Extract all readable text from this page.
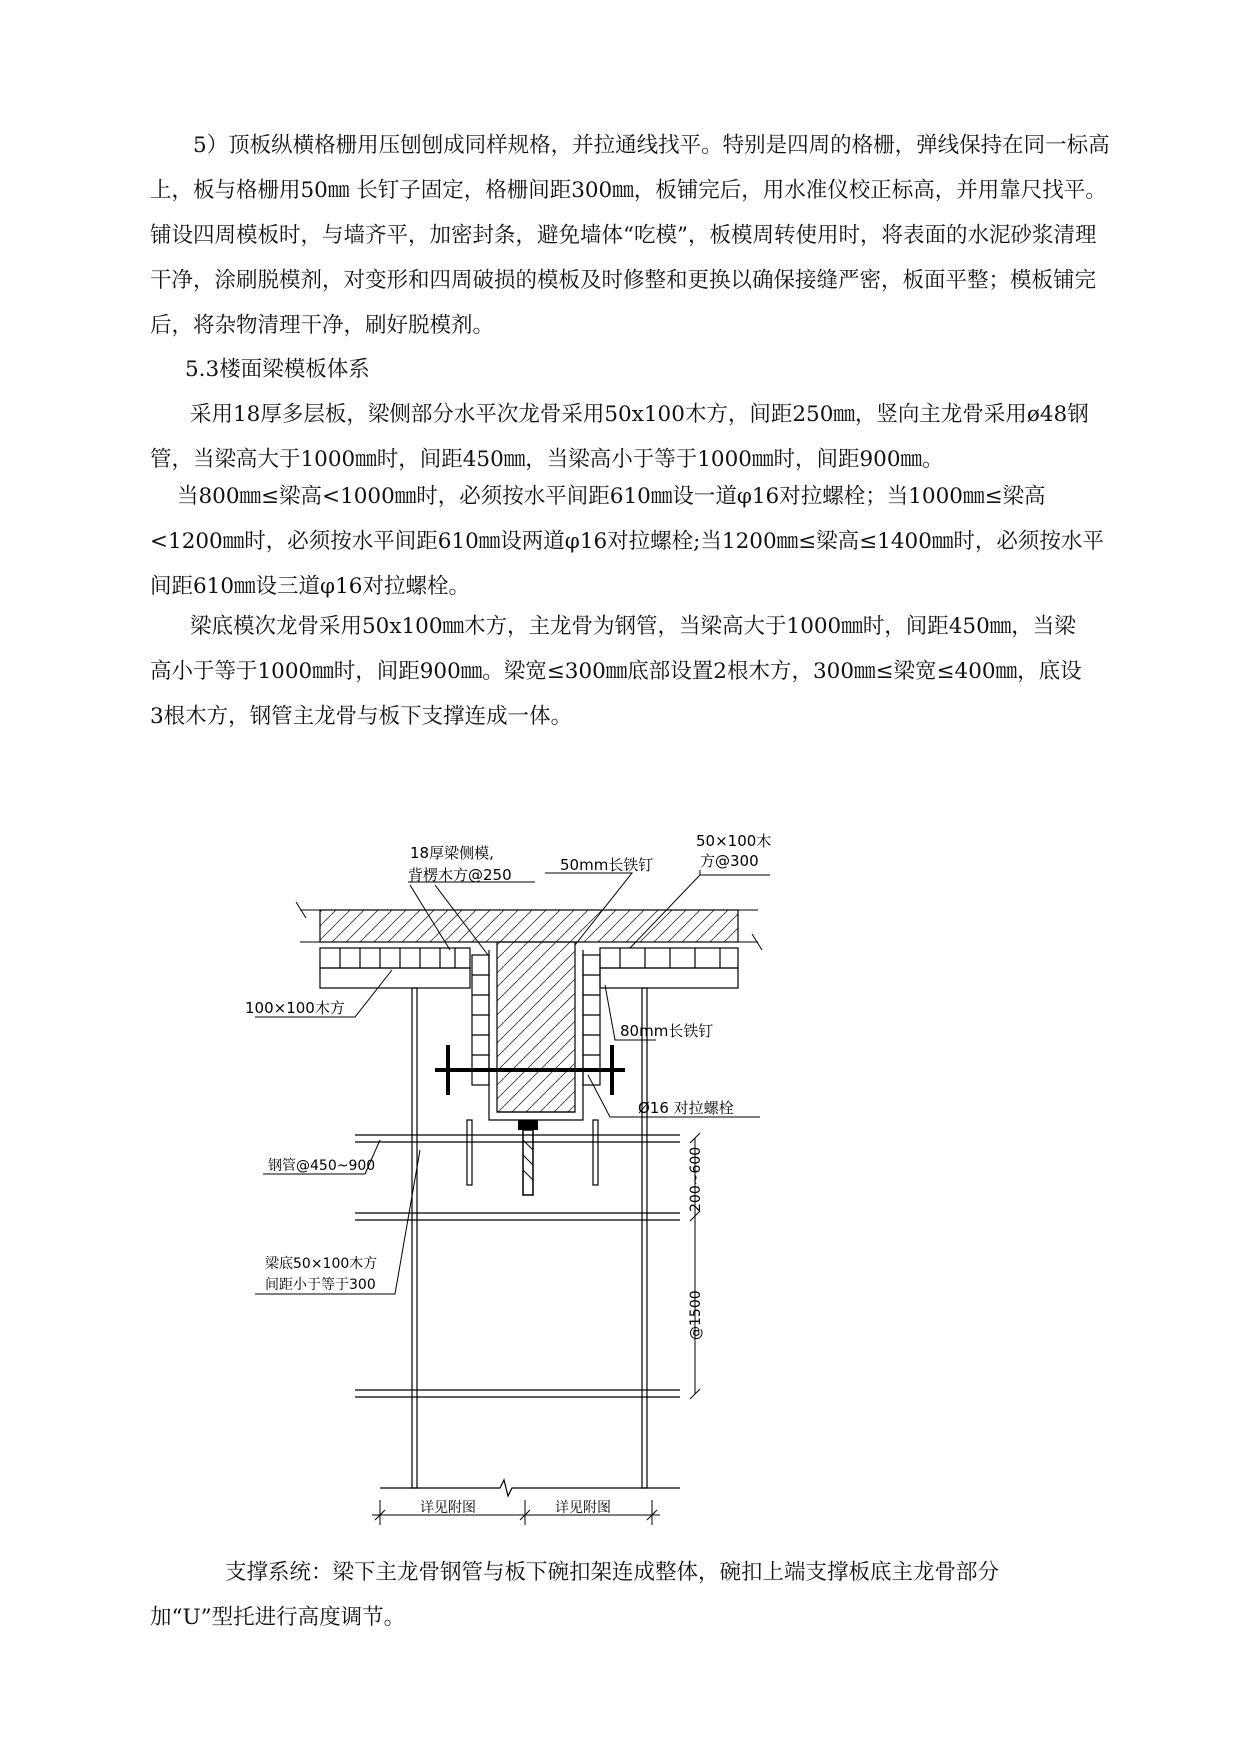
5）顶板纵横格栅用压刨刨成同样规格，并拉通线找平。特别是四周的格栅，弹线保持在同一标高上，板与格栅用50㎜ 长钉子固定，格栅间距300㎜，板铺完后，用水准仪校正标高，并用靠尺找平。铺设四周模板时，与墙齐平，加密封条，避免墙体“吃模”，板模周转使用时，将表面的水泥砂浆清理干净，涂刷脱模剂，对变形和四周破损的模板及时修整和更换以确保接缝严密，板面平整；模板铺完后，将杂物清理干净，刷好脱模剂。

5.3楼面梁模板体系

采用18厚多层板，梁侧部分水平次龙骨采用50x100木方，间距250㎜，竖向主龙骨采用ø48钢管，当梁高大于1000㎜时，间距450㎜，当梁高小于等于1000㎜时，间距900㎜。

当800㎜≤梁高<1000㎜时，必须按水平间距610㎜设一道φ16对拉螺栓；当1000㎜≤梁高<1200㎜时，必须按水平间距610㎜设两道φ16对拉螺栓;当1200㎜≤梁高≤1400㎜时，必须按水平间距610㎜设三道φ16对拉螺栓。

梁底模次龙骨采用50x100㎜木方，主龙骨为钢管，当梁高大于1000㎜时，间距450㎜，当梁高小于等于1000㎜时，间距900㎜。梁宽≤300㎜底部设置2根木方，300㎜≤梁宽≤400㎜，底设3根木方，钢管主龙骨与板下支撑连成一体。

18厚梁侧模,
背楞木方@250
50mm长铁钉
50×100木
方@300
100×100木方
80mm长铁钉
Ø16 对拉螺栓
钢管@450~900
梁底50×100木方
间距小于等于300
200~600
@1500
详见附图	详见附图

支撑系统：梁下主龙骨钢管与板下碗扣架连成整体，碗扣上端支撑板底主龙骨部分加“U”型托进行高度调节。
